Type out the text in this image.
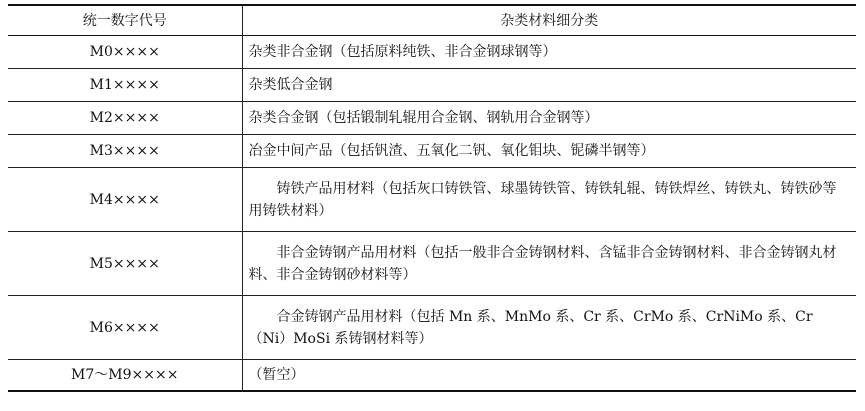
统一数字代号	杂类材料细分类
M0××××	杂类非合金钢（包括原料纯铁、非合金钢球钢等）
M1××××	杂类低合金钢
M2××××	杂类合金钢（包括锻制轧辊用合金钢、钢轨用合金钢等）
M3××××	冶金中间产品（包括钒渣、五氧化二钒、氧化钼块、铌磷半钢等）
M4××××	铸铁产品用材料（包括灰口铸铁管、球墨铸铁管、铸铁轧辊、铸铁焊丝、铸铁丸、铸铁砂等用铸铁材料）
M5××××	非合金铸钢产品用材料（包括一般非合金铸钢材料、含锰非合金铸钢材料、非合金铸钢丸材料、非合金铸钢砂材料等）
M6××××	合金铸钢产品用材料（包括 Mn 系、MnMo 系、Cr 系、CrMo 系、CrNiMo 系、Cr（Ni）MoSi 系铸钢材料等）
M7～M9××××	（暂空）
